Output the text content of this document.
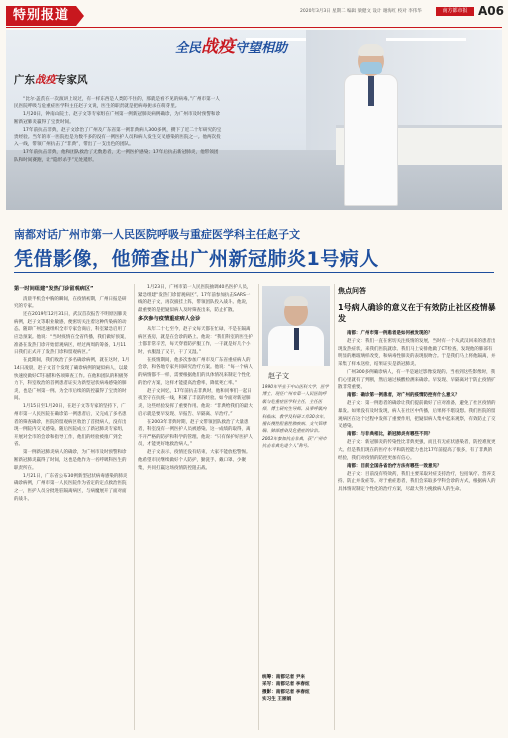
特别报道	2020年3月3日 星期二 编辑 梁健文 设计 谢海红 校对 李伟华	南方都市报 A06
全民战疫守望相助
广东战疫专家风

“比尔·盖茨在一次演讲上说过，有一样东西是人类防不住的，那就是看不见的病毒。”广州市第一人民医院呼吸与危重症医学科主任赵子文说，医生的职责就是把病毒扼杀在萌芽里。

1月20日，钟南山院士、赵子文等专家组在广州第一例新冠肺炎病例确诊，为广州市及时预警和诊断新冠肺炎赢得了宝贵时间。

17年前抗击非典，赵子文诊治了广州及广东省第一例非典病人300多例，攒下了近二十年研究的宝贵经验。当年的市一医院也是为数不多的没有一例医护人员和病人发生交叉感染的医院之一。他两次投入一线，带领广州抗击了“非典”，带出了一支出色的团队。

17年前抗击非典，他和团队救治了无数患者，无一例医护感染；17年后抗击新冠肺炎，他带领团队和时间赛跑，让“隐形杀手”无处遁形。

南都对话广州市第一人民医院呼吸与重症医学科主任赵子文
凭借影像，他筛查出广州新冠肺炎1号病人

第一时间组建“发热门诊留观病区”

清晨半机会中胸的瞬间，在疫情初期，广州日报是研究的专家。

还在2019年12月31日，武汉首次报告不明原因肺炎病例，赵子文等职业敏感，便密切关注着这种传染病的动态。随即广州迅速组织全市专家会商后，科室紧急启用了应急预案。他说：“当时疫情在全省传播，我们做好预案，准备在发热门诊开始留观病区，经过两周的筹备，1月11日我们正式开了发热门诊和留观病区。”

在此期间，我们收治了多名确诊病例，就在这时，1月14日凌晨，赵子文首个发现了确诊病例的疑似病人，以最快速度做好CT扫描和各项筛查工作。在他和团队的积极努力下，科室收治的首例患者证实为新型冠状病毒感染的肺炎，也是广州第一例。为全市后续的防控赢得了宝贵的时间。

1月15日至1月20日，在赵子文等专家的坚持下，广州市第一人民医院在确诊第一例患者后，又完成了多名患者的筛查确诊，医院的留观病区收治了首批病人，没有出现一例院内交叉感染。随后医院成立了新冠肺炎专家组，开展对全市的会诊和指导工作，他们的经验被推广到全省。

第一例新冠肺炎病人的确诊，为广州市及时预警和诊断新冠肺炎赢得了时间，这也是他作为一名呼吸科医生的职责所在。

1月21日，广东省公布30例新型冠状病毒感染的肺炎确诊病例，广州市第一人民医院作为省定的定点救治医院之一，医护人员分批进驻隔离病区，与病魔展开了面对面的战斗。

1月23日，广州市第一人民医院抽调40名医护人员，紧急组建“发热门诊留观病区”。17年前参加抗击SARS一线的赵子文，再次披挂上阵，带领团队投入战斗。他说，最重要的是把疑似病人及时筛查出来，防止扩散。

多次参与疫情重症病人会诊

从年二十七至今，赵子文每天都在忙碌，不是在隔离病区查房，就是在会诊的路上。他说：“我们科室的医生护士都非常辛苦，每天穿着防护服工作，一干就是好几个小时，衣服湿了又干，干了又湿。”

在疫情期间，他多次参加广州市及广东省重症病人的会诊，和各地专家共同研究治疗方案。他说：“每一个病人的病情都不一样，需要根据他们的具体情况来制定个性化的治疗方案，这样才能提高治愈率，降低死亡率。”

赵子文回忆，17年前抗击非典时，他和同事们一起日夜坚守在抗疫一线，积累了丰富的经验。如今面对新冠肺炎，这些经验发挥了重要作用。他说：“非典给我们的最大启示就是要早发现、早报告、早隔离、早治疗。”

在2003年非典时期，赵子文带领团队救治了大量患者，科室没有一例医护人员被感染。这一成绩的取得，离不开严格的防护和科学的管理。他说：“只有保护好医护人员，才能更好地救治病人。”

赵子文表示，疫情还没有结束，大家不能放松警惕。他希望市民继续做好个人防护，勤洗手、戴口罩、少聚集，共同打赢这场疫情防控阻击战。

赵子文
1990年毕业于中山医科大学，医学博士，现任广州市第一人民医院呼吸与危重症医学科主任，主任医师，博士研究生导师。从事呼吸内科临床、教学及科研工作30余年，擅长慢性阻塞性肺疾病、支气管哮喘、肺部感染及危重症的诊治。2003年参加抗击非典，获“广州市抗击非典先进个人”称号。
统筹：南都记者 尹来
采写：南都记者 李春炫
摄影：南都记者 李春炫
实习生 王丽娟
焦点问答
1号病人确诊的意义在于有效防止社区疫情暴发

南都：广州市第一例患者是如何被发现的？

赵子文：我们一直在密切关注疫情的发展，当时有一个从武汉回来的患者出现发热症状，来我们医院就诊。我们马上安排他做了CT检查，发现他的肺部有明显的磨玻璃样改变，和病毒性肺炎的表现很吻合。于是我们马上将他隔离，并采集了样本送检，结果证实是新冠肺炎。

广州300多例确诊病人，有一半是通过影像发现的。当看到这些影像时，我们心里就有了判断，然后通过核酸检测来确诊。早发现、早隔离对于防止疫情扩散非常重要。

南都：确诊第一例患者，对广州的疫情防控有什么意义？

赵子文：第一例患者的确诊让我们提前做好了应对准备，避免了社区疫情的暴发。如果没有及时发现，病人在社区中传播，后果将不堪设想。我们医院的留观病区在这个过程中发挥了重要作用，把疑似病人集中起来观察，有效防止了交叉感染。

南都：与非典相比，新冠肺炎有哪些不同？

赵子文：新冠肺炎的传染性比非典更强，而且有无症状感染者，防控难度更大。但是我们现在的医疗水平和防控能力也比17年前提高了很多，有了非典的经验，我们对疫情的防控更加有信心。

南都：目前全国各省治疗方法有哪些一致意见？

赵子文：目前没有特效药，我们主要采取对症支持治疗，包括氧疗、营养支持、防止并发症等。对于重症患者，我们会采取多学科会诊的方式，根据病人的具体情况制定个性化的治疗方案，尽最大努力挽救病人的生命。
